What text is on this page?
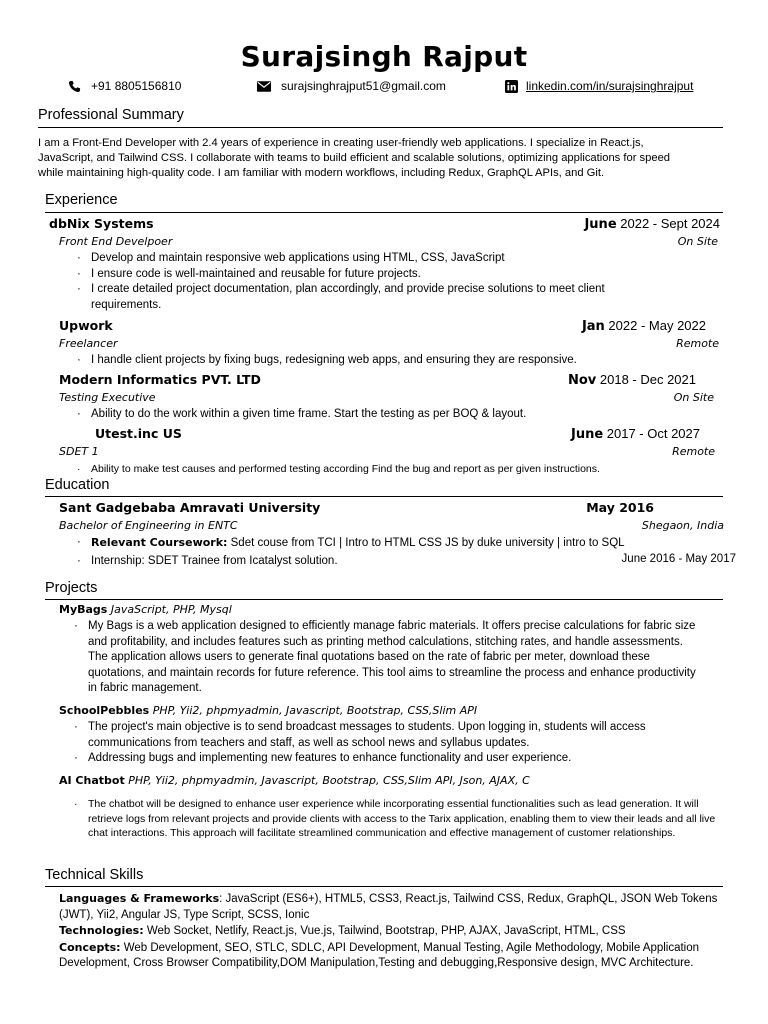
Surajsingh Rajput
+91 8805156810	surajsinghrajput51@gmail.com	linkedin.com/in/surajsinghrajput
Professional Summary
I am a Front-End Developer with 2.4 years of experience in creating user-friendly web applications. I specialize in React.js,
JavaScript, and Tailwind CSS. I collaborate with teams to build efficient and scalable solutions, optimizing applications for speed
while maintaining high-quality code. I am familiar with modern workflows, including Redux, GraphQL APIs, and Git.
Experience
dbNix Systems	June 2022 - Sept 2024
Front End Develpoer	On Site
· Develop and maintain responsive web applications using HTML, CSS, JavaScript
· I ensure code is well-maintained and reusable for future projects.
· I create detailed project documentation, plan accordingly, and provide precise solutions to meet client requirements.
Upwork	Jan 2022 - May 2022
Freelancer	Remote
· I handle client projects by fixing bugs, redesigning web apps, and ensuring they are responsive.
Modern Informatics PVT. LTD	Nov 2018 - Dec 2021
Testing Executive	On Site
· Ability to do the work within a given time frame. Start the testing as per BOQ & layout.
Utest.inc US	June 2017 - Oct 2027
SDET 1	Remote
· Ability to make test causes and performed testing according Find the bug and report as per given instructions.
Education
Sant Gadgebaba Amravati University	May 2016
Bachelor of Engineering in ENTC	Shegaon, India
· Relevant Coursework: Sdet couse from TCI | Intro to HTML CSS JS by duke university | intro to SQL
· Internship: SDET Trainee from Icatalyst solution.	June 2016 - May 2017
Projects
MyBags JavaScript, PHP, Mysql
· My Bags is a web application designed to efficiently manage fabric materials. It offers precise calculations for fabric size and profitability, and includes features such as printing method calculations, stitching rates, and handle assessments. The application allows users to generate final quotations based on the rate of fabric per meter, download these quotations, and maintain records for future reference. This tool aims to streamline the process and enhance productivity in fabric management.
SchoolPebbles PHP, Yii2, phpmyadmin, Javascript, Bootstrap, CSS,Slim API
· The project's main objective is to send broadcast messages to students. Upon logging in, students will access communications from teachers and staff, as well as school news and syllabus updates.
· Addressing bugs and implementing new features to enhance functionality and user experience.
AI Chatbot PHP, Yii2, phpmyadmin, Javascript, Bootstrap, CSS,Slim API, Json, AJAX, C
· The chatbot will be designed to enhance user experience while incorporating essential functionalities such as lead generation. It will retrieve logs from relevant projects and provide clients with access to the Tarix application, enabling them to view their leads and all live chat interactions. This approach will facilitate streamlined communication and effective management of customer relationships.
Technical Skills
Languages & Frameworks: JavaScript (ES6+), HTML5, CSS3, React.js, Tailwind CSS, Redux, GraphQL, JSON Web Tokens (JWT), Yii2, Angular JS, Type Script, SCSS, Ionic
Technologies: Web Socket, Netlify, React.js, Vue.js, Tailwind, Bootstrap, PHP, AJAX, JavaScript, HTML, CSS
Concepts: Web Development, SEO, STLC, SDLC, API Development, Manual Testing, Agile Methodology, Mobile Application Development, Cross Browser Compatibility,DOM Manipulation,Testing and debugging,Responsive design, MVC Architecture.
